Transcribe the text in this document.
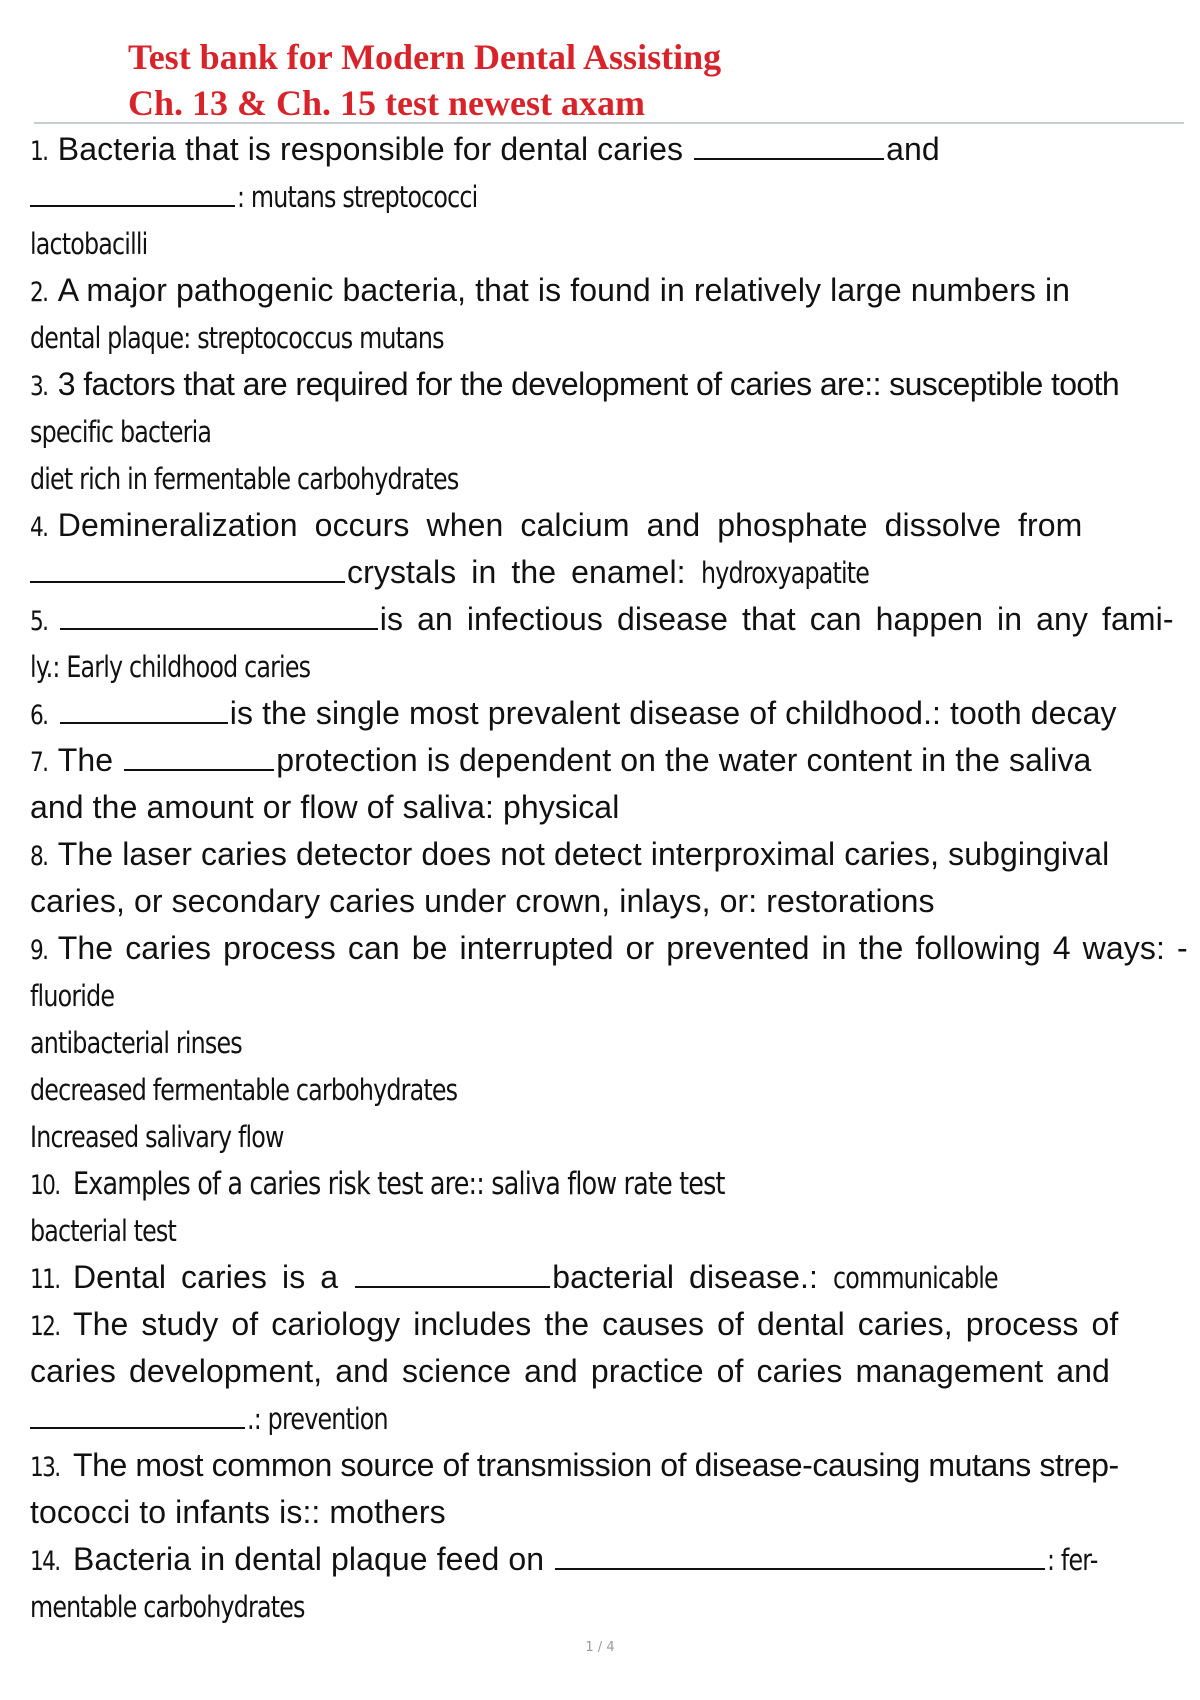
Test bank for Modern Dental Assisting
Ch. 13 & Ch. 15 test newest axam
1. Bacteria that is responsible for dental caries	and
: mutans streptococci
lactobacilli
2. A major pathogenic bacteria, that is found in relatively large numbers in
dental plaque: streptococcus mutans
3. 3 factors that are required for the development of caries are:: susceptible tooth
specific bacteria
diet rich in fermentable carbohydrates
4. Demineralization occurs when calcium and phosphate dissolve from
crystals in the enamel: hydroxyapatite
5.	is an infectious disease that can happen in any fami-
ly.: Early childhood caries
6.	is the single most prevalent disease of childhood.: tooth decay
7. The	protection is dependent on the water content in the saliva
and the amount or flow of saliva: physical
8. The laser caries detector does not detect interproximal caries, subgingival
caries, or secondary caries under crown, inlays, or: restorations
9. The caries process can be interrupted or prevented in the following 4 ways: -
fluoride
antibacterial rinses
decreased fermentable carbohydrates
Increased salivary flow
10. Examples of a caries risk test are:: saliva flow rate test
bacterial test
11. Dental caries is a	bacterial disease.: communicable
12. The study of cariology includes the causes of dental caries, process of
caries development, and science and practice of caries management and
.: prevention
13. The most common source of transmission of disease-causing mutans strep-
tococci to infants is:: mothers
14. Bacteria in dental plaque feed on	: fer-
mentable carbohydrates
1 / 4
